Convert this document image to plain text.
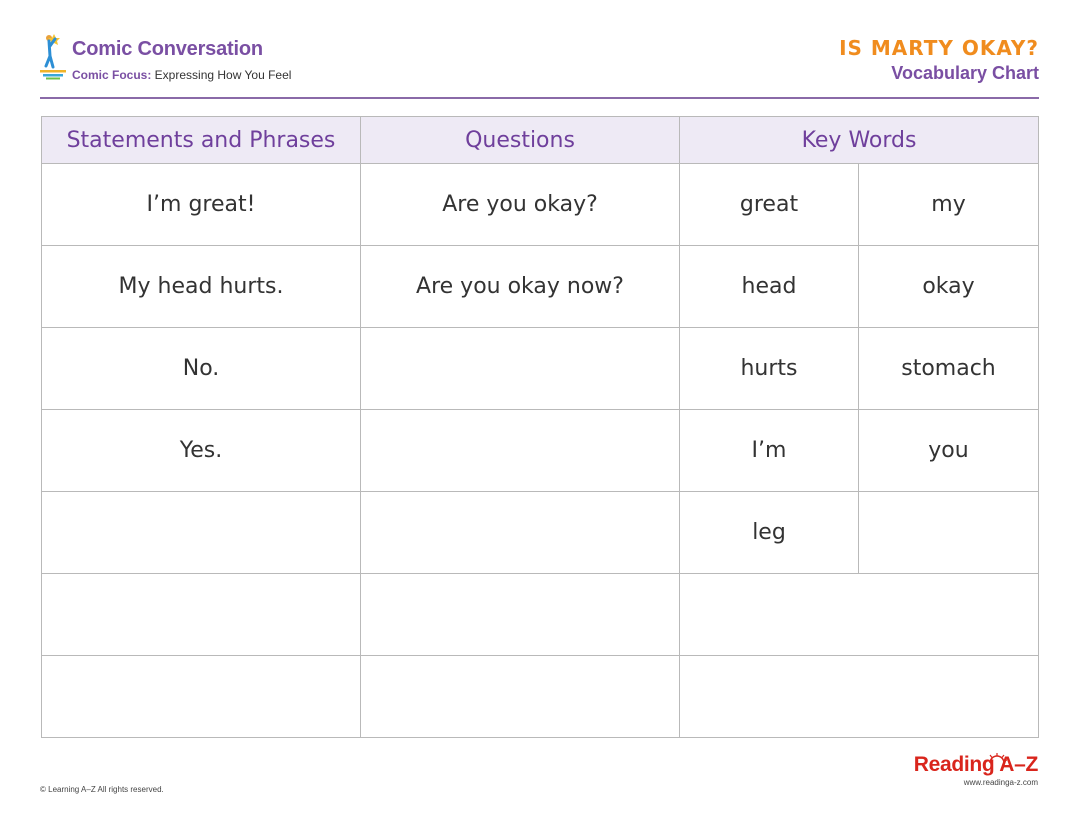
Comic Conversation
Comic Focus: Expressing How You Feel
IS MARTY OKAY?
Vocabulary Chart
Statements and Phrases	Questions	Key Words	
I’m great!	Are you okay?	great	my
My head hurts.	Are you okay now?	head	okay
No.		hurts	stomach
Yes.		I’m	you
		leg	

© Learning A–Z All rights reserved.
Reading A–Z
www.readinga-z.com
